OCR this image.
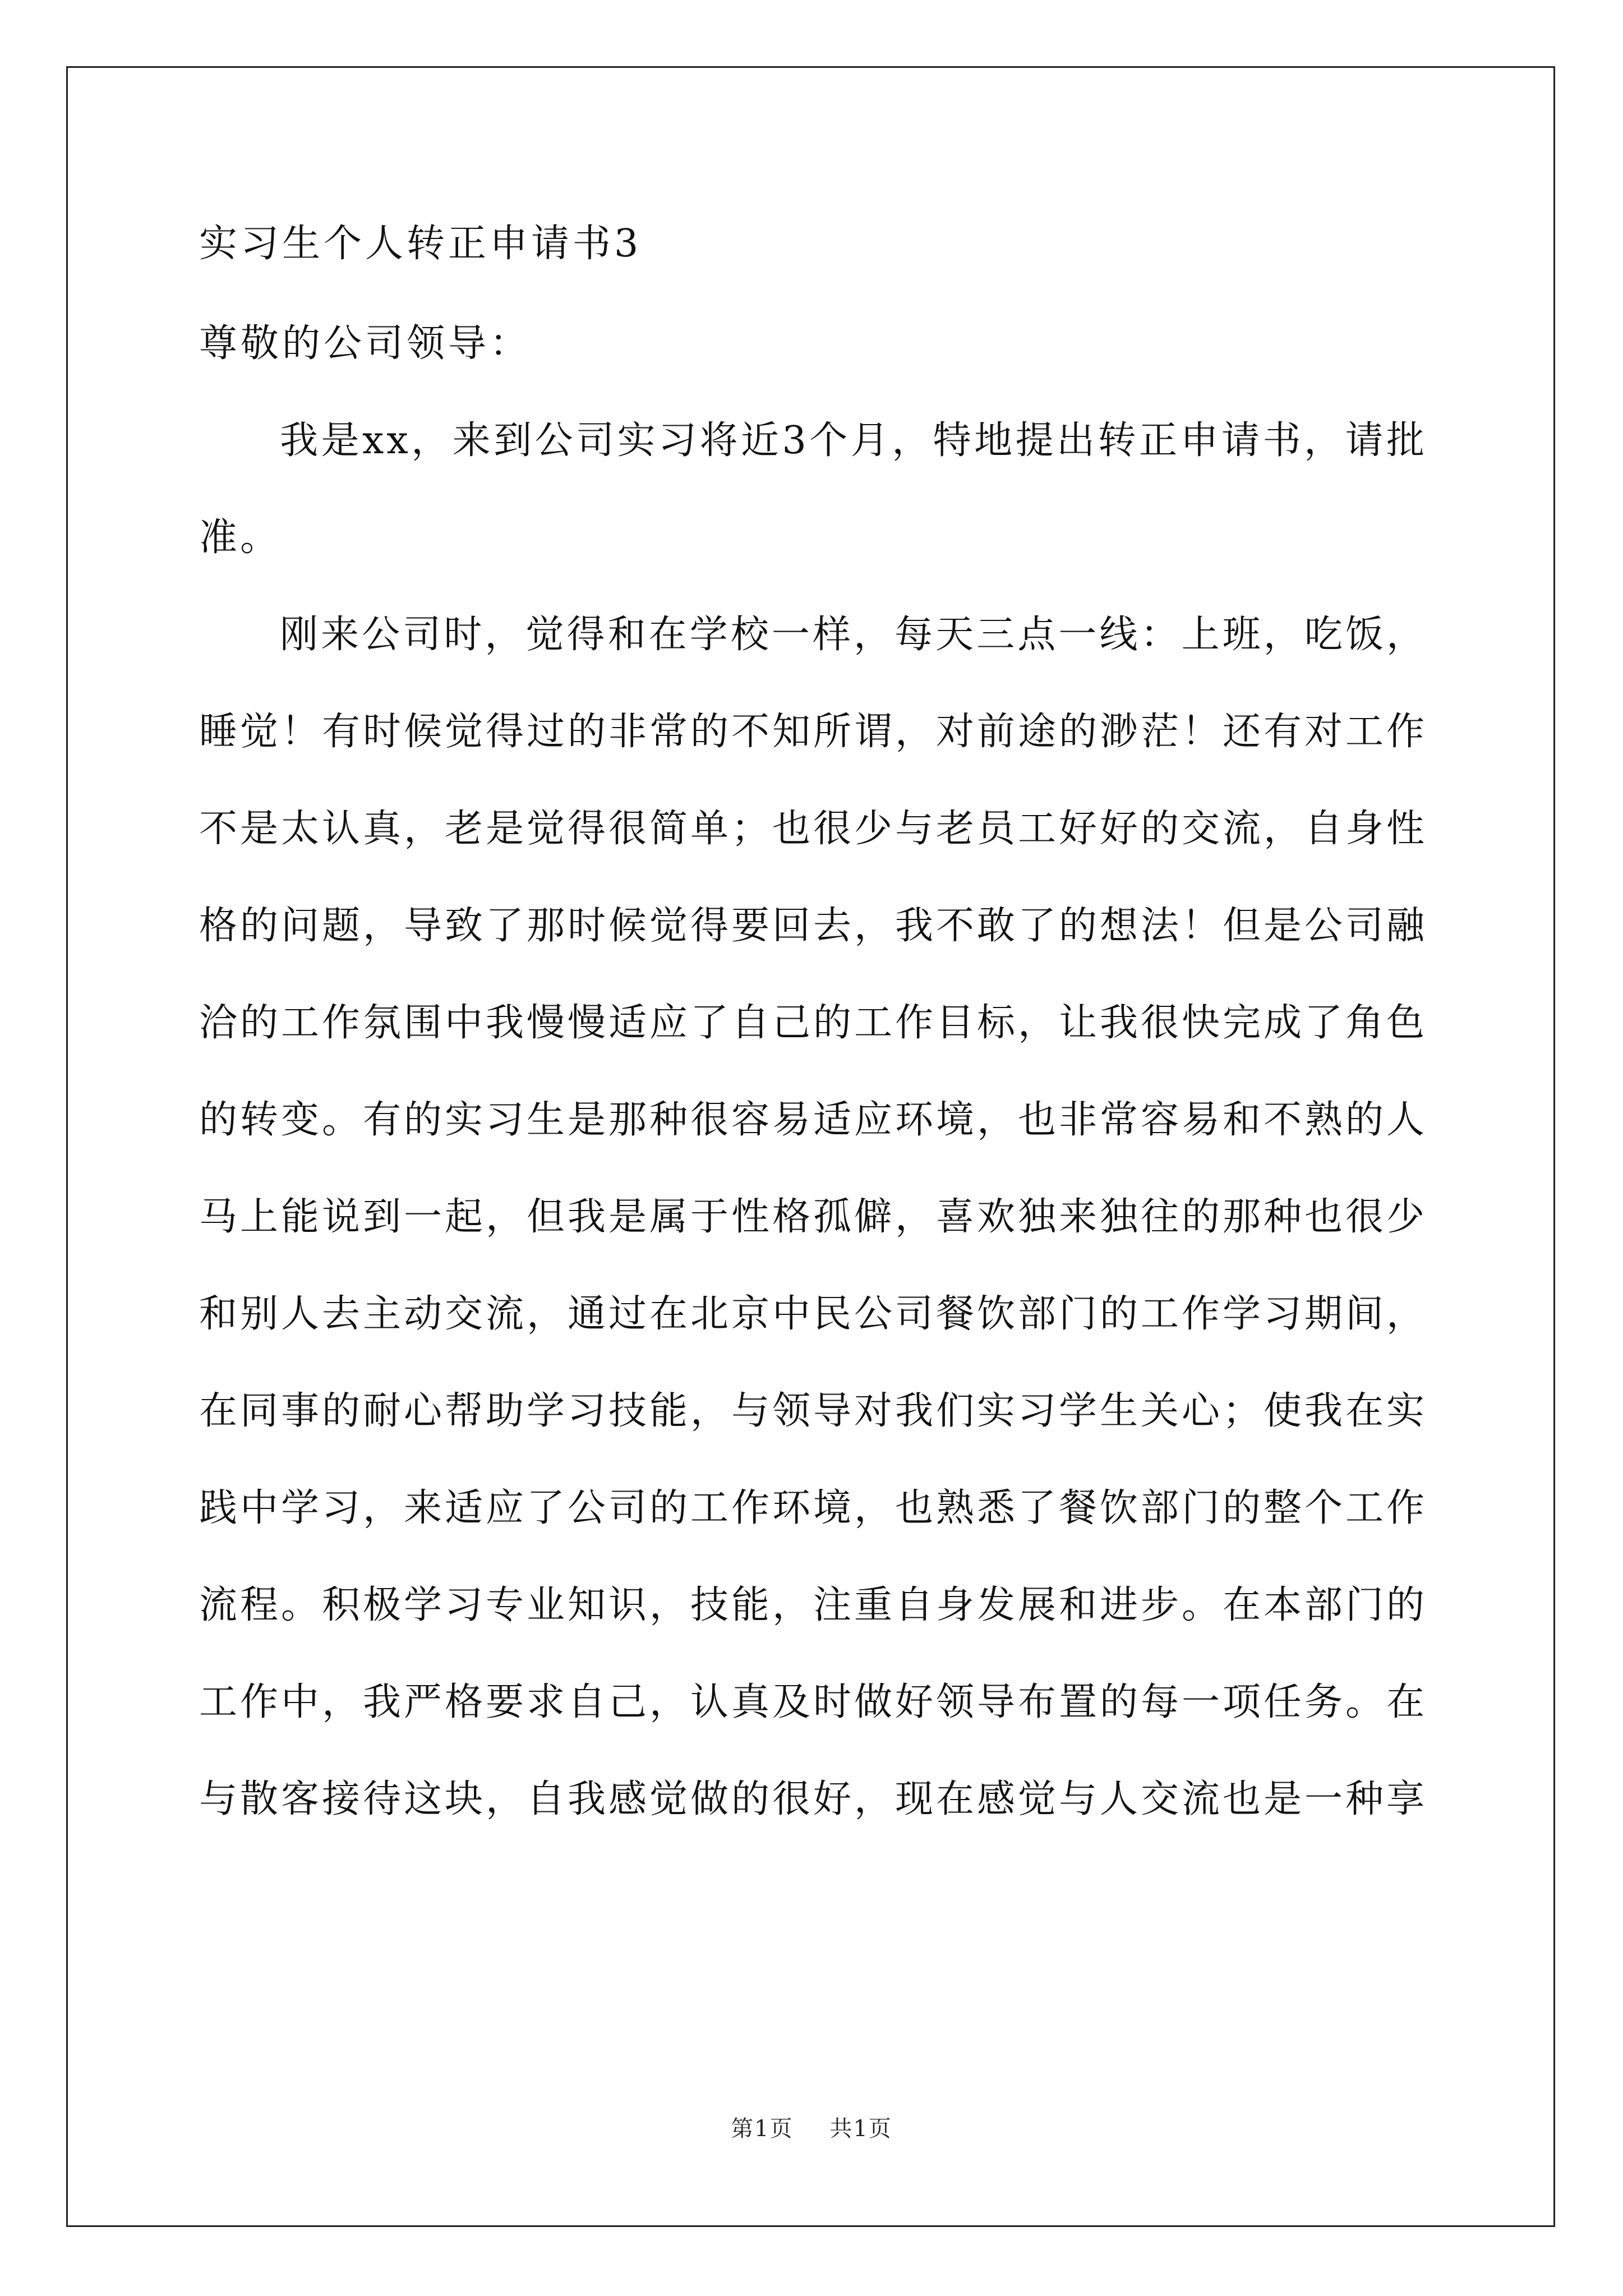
实习生个人转正申请书3
尊敬的公司领导：

我是xx，来到公司实习将近3个月，特地提出转正申请书，请批准。

刚来公司时，觉得和在学校一样，每天三点一线：上班，吃饭，睡觉！有时候觉得过的非常的不知所谓，对前途的渺茫！还有对工作不是太认真，老是觉得很简单；也很少与老员工好好的交流，自身性格的问题，导致了那时候觉得要回去，我不敢了的想法！但是公司融洽的工作氛围中我慢慢适应了自己的工作目标，让我很快完成了角色的转变。有的实习生是那种很容易适应环境，也非常容易和不熟的人马上能说到一起，但我是属于性格孤僻，喜欢独来独往的那种也很少和别人去主动交流，通过在北京中民公司餐饮部门的工作学习期间，在同事的耐心帮助学习技能，与领导对我们实习学生关心；使我在实践中学习，来适应了公司的工作环境，也熟悉了餐饮部门的整个工作流程。积极学习专业知识，技能，注重自身发展和进步。在本部门的工作中，我严格要求自己，认真及时做好领导布置的每一项任务。在与散客接待这块，自我感觉做的很好，现在感觉与人交流也是一种享

第1页 共1页
